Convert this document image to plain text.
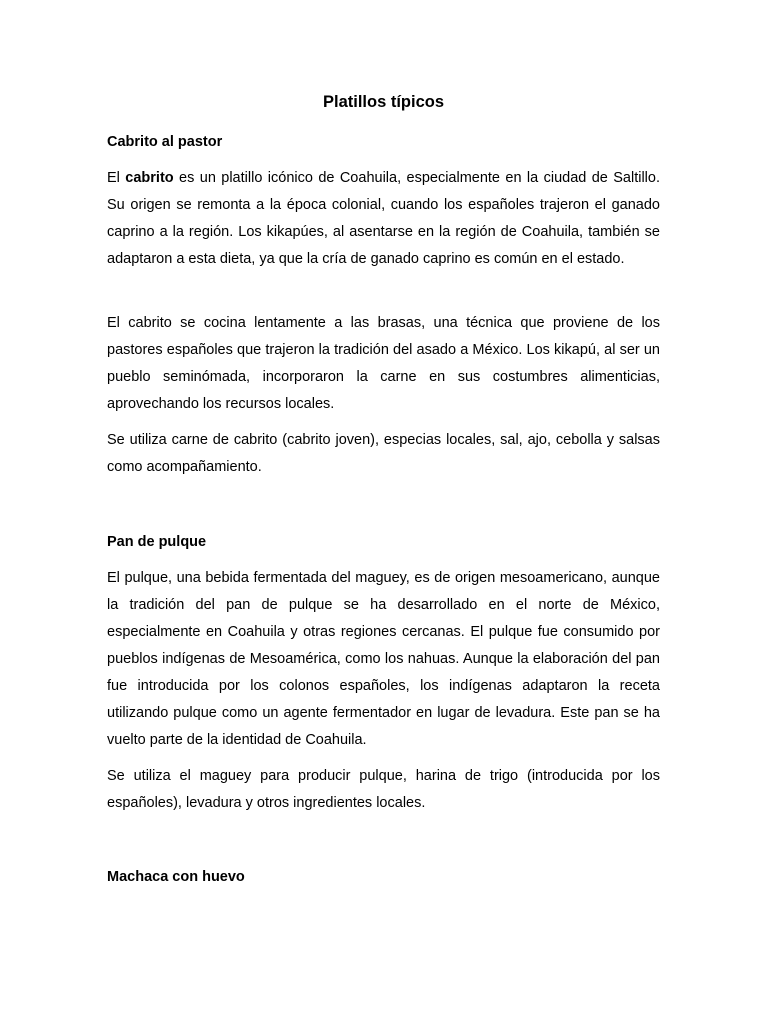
Platillos típicos
Cabrito al pastor

El cabrito es un platillo icónico de Coahuila, especialmente en la ciudad de Saltillo. Su origen se remonta a la época colonial, cuando los españoles trajeron el ganado caprino a la región. Los kikapúes, al asentarse en la región de Coahuila, también se adaptaron a esta dieta, ya que la cría de ganado caprino es común en el estado.

El cabrito se cocina lentamente a las brasas, una técnica que proviene de los pastores españoles que trajeron la tradición del asado a México. Los kikapú, al ser un pueblo seminómada, incorporaron la carne en sus costumbres alimenticias, aprovechando los recursos locales.

Se utiliza carne de cabrito (cabrito joven), especias locales, sal, ajo, cebolla y salsas como acompañamiento.

Pan de pulque

El pulque, una bebida fermentada del maguey, es de origen mesoamericano, aunque la tradición del pan de pulque se ha desarrollado en el norte de México, especialmente en Coahuila y otras regiones cercanas. El pulque fue consumido por pueblos indígenas de Mesoamérica, como los nahuas. Aunque la elaboración del pan fue introducida por los colonos españoles, los indígenas adaptaron la receta utilizando pulque como un agente fermentador en lugar de levadura. Este pan se ha vuelto parte de la identidad de Coahuila.

Se utiliza el maguey para producir pulque, harina de trigo (introducida por los españoles), levadura y otros ingredientes locales.

Machaca con huevo
